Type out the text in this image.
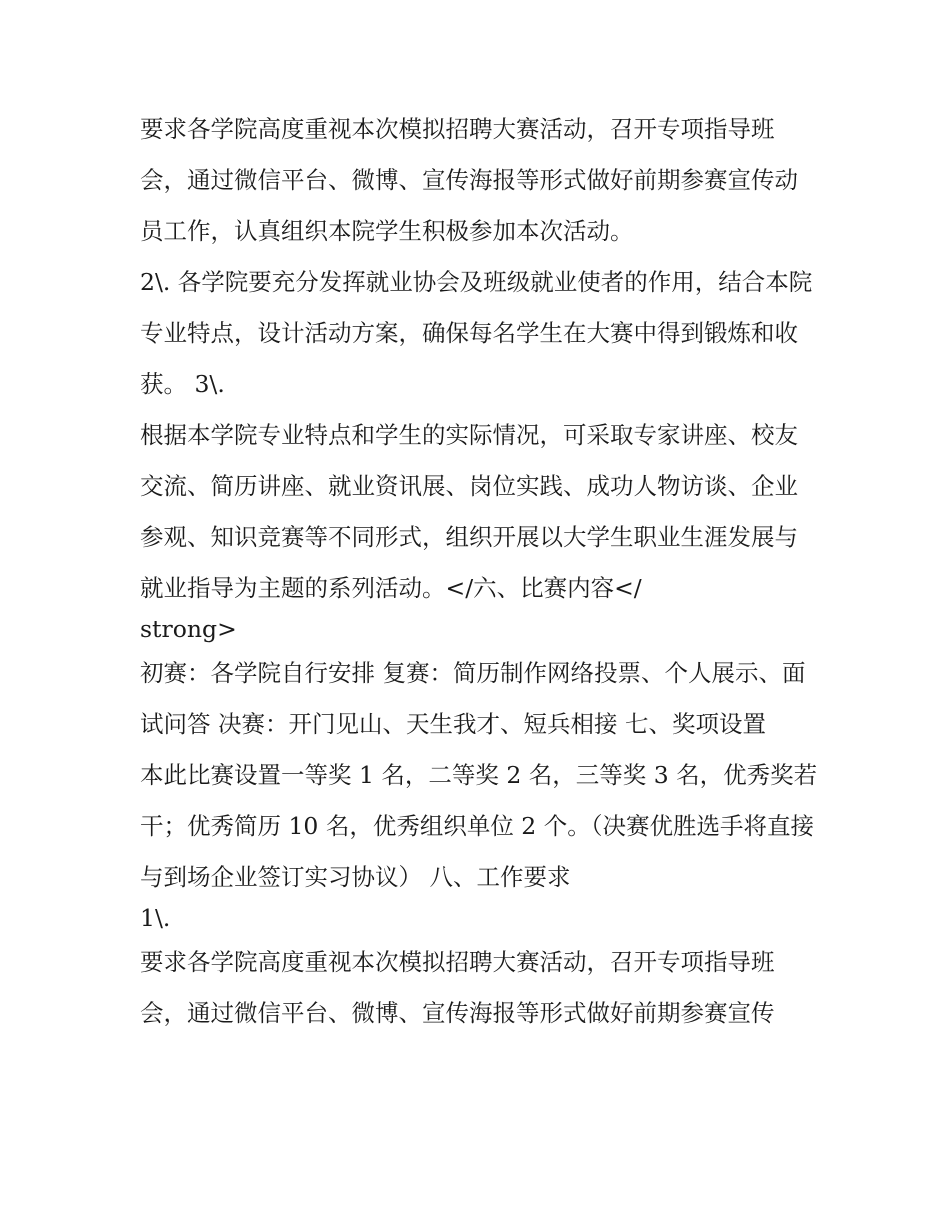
要求各学院高度重视本次模拟招聘大赛活动，召开专项指导班会，通过微信平台、微博、宣传海报等形式做好前期参赛宣传动员工作，认真组织本院学生积极参加本次活动。

2\. 各学院要充分发挥就业协会及班级就业使者的作用，结合本院专业特点，设计活动方案，确保每名学生在大赛中得到锻炼和收获。 3\.

根据本学院专业特点和学生的实际情况，可采取专家讲座、校友交流、简历讲座、就业资讯展、岗位实践、成功人物访谈、企业参观、知识竞赛等不同形式，组织开展以大学生职业生涯发展与就业指导为主题的系列活动。</六、比赛内容</

strong>

初赛：各学院自行安排 复赛：简历制作网络投票、个人展示、面试问答 决赛：开门见山、天生我才、短兵相接 七、奖项设置

本此比赛设置一等奖 1 名，二等奖 2 名，三等奖 3 名，优秀奖若干；优秀简历 10 名，优秀组织单位 2 个。（决赛优胜选手将直接与到场企业签订实习协议） 八、工作要求

1\.

要求各学院高度重视本次模拟招聘大赛活动，召开专项指导班会，通过微信平台、微博、宣传海报等形式做好前期参赛宣传
